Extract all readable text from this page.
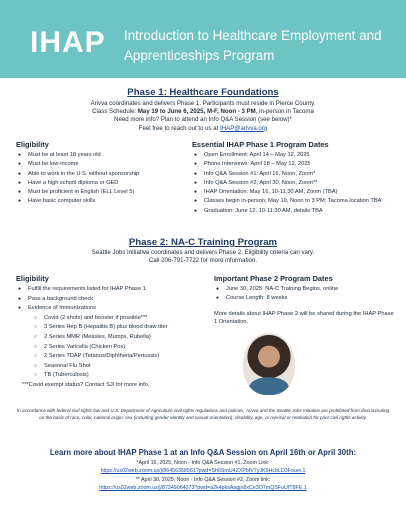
IHAP Introduction to Healthcare Employment and Apprenticeships Program
Phase 1: Healthcare Foundations
Arivva coordinates and delivers Phase 1. Participants must reside in Pierce County.
Class Schedule: May 19 to June 6, 2025, M-F, Noon - 3 PM, in-person in Tacoma
Need more info? Plan to attend an Info Q&A Session (see below)*
Feel free to reach out to us at IHAP@arivva.org
Eligibility
● Must be at least 18 years old
● Must be low-income
● Able to work in the U.S. without sponsorship
● Have a high school diploma or GED
● Must be proficient in English (ELL Level 5)
● Have basic computer skills
Essential IHAP Phase 1 Program Dates
● Open Enrollment: April 14 – May 12, 2025
● Phone Interviews: April 18 – May 12, 2025
● Info Q&A Session #1: April 16, Noon, Zoom*
● Info Q&A Session #2, April 30, Noon, Zoom**
● IHAP Orientation: May 16, 10-11:30 AM, Zoom (TBA)
● Classes begin in-person, May 19, Noon to 3 PM; Tacoma location TBA
● Graduation: June 12, 10-11:30 AM, details TBA
Phase 2: NA-C Training Program
Seattle Jobs Initiative coordinates and delivers Phase 2. Eligibility criteria can vary.
Call 206-791-7722 for more information.
Eligibility
● Fulfill the requirements listed for IHAP Phase 1
● Pass a background check
● Evidence of Immunizations
○ Covid (2 shots) and booster if possible***
○ 3 Series Hep B (Hepatitis B) plus blood draw titer
○ 2 Series MMR (Measles, Mumps, Rubella)
○ 2 Series Varicella (Chicken Pox)
○ 2 Series TDAP (Tetanus/Diphtheria/Pertussis)
○ Seasonal Flu Shot
○ TB (Tuberculosis)
***Covid exempt status? Contact SJI for more info.
Important Phase 2 Program Dates
● June 30, 2025: NA-C Training Begins, online
● Course Length: 8 weeks
More details about IHAP Phase 2 will be shared during the IHAP Phase 1 Orientation.
In accordance with federal civil rights law and U.S. Department of Agriculture civil rights regulations and policies, Arivva and the Seattle Jobs Initiative are prohibited from discriminating on the basis of race, color, national origin, sex (including gender identity and sexual orientation), disability, age, or reprisal or retaliation for prior civil rights activity.
Learn more about IHAP Phase 1 at an Info Q&A Session on April 16th or April 30th:
*April 16, 2025, Noon - Info Q&A Session #1, Zoom Link:
https://us02web.zoom.us/j/86456358561?pwd=Sh6SmU4ZXPbfV7yJK9HcbLD3Fouei.1
** April 30, 2025, Noon - Info Q&A Session #2, Zoom link:
https://us02web.zoom.us/j/87349064073?pwd=a2k4pksAagjn8xCe3O7mQSFuUfT8FE.1
